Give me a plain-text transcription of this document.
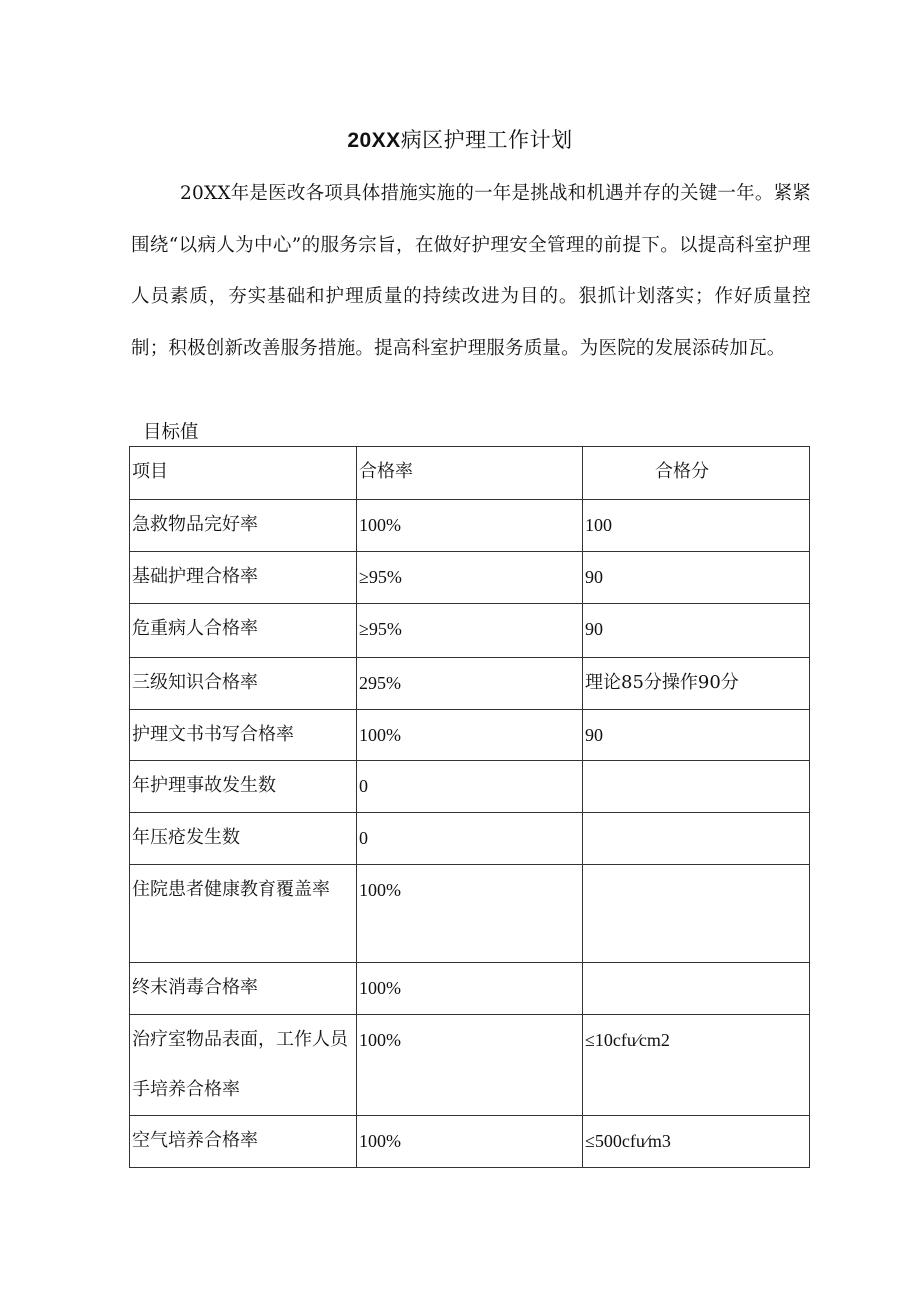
20XX病区护理工作计划
20XX年是医改各项具体措施实施的一年是挑战和机遇并存的关键一年。紧紧围绕“以病人为中心”的服务宗旨，在做好护理安全管理的前提下。以提高科室护理人员素质，夯实基础和护理质量的持续改进为目的。狠抓计划落实；作好质量控制；积极创新改善服务措施。提高科室护理服务质量。为医院的发展添砖加瓦。
目标值
项目	合格率	合格分
急救物品完好率	100%	100
基础护理合格率	≥95%	90
危重病人合格率	≥95%	90
三级知识合格率	295%	理论85分操作90分
护理文书书写合格率	100%	90
年护理事故发生数	0	
年压疮发生数	0	
住院患者健康教育覆盖率	100%	
终末消毒合格率	100%	
治疗室物品表面，工作人员手培养合格率	100%	≤10cfu∕cm2
空气培养合格率	100%	≤500cfu∕m3
